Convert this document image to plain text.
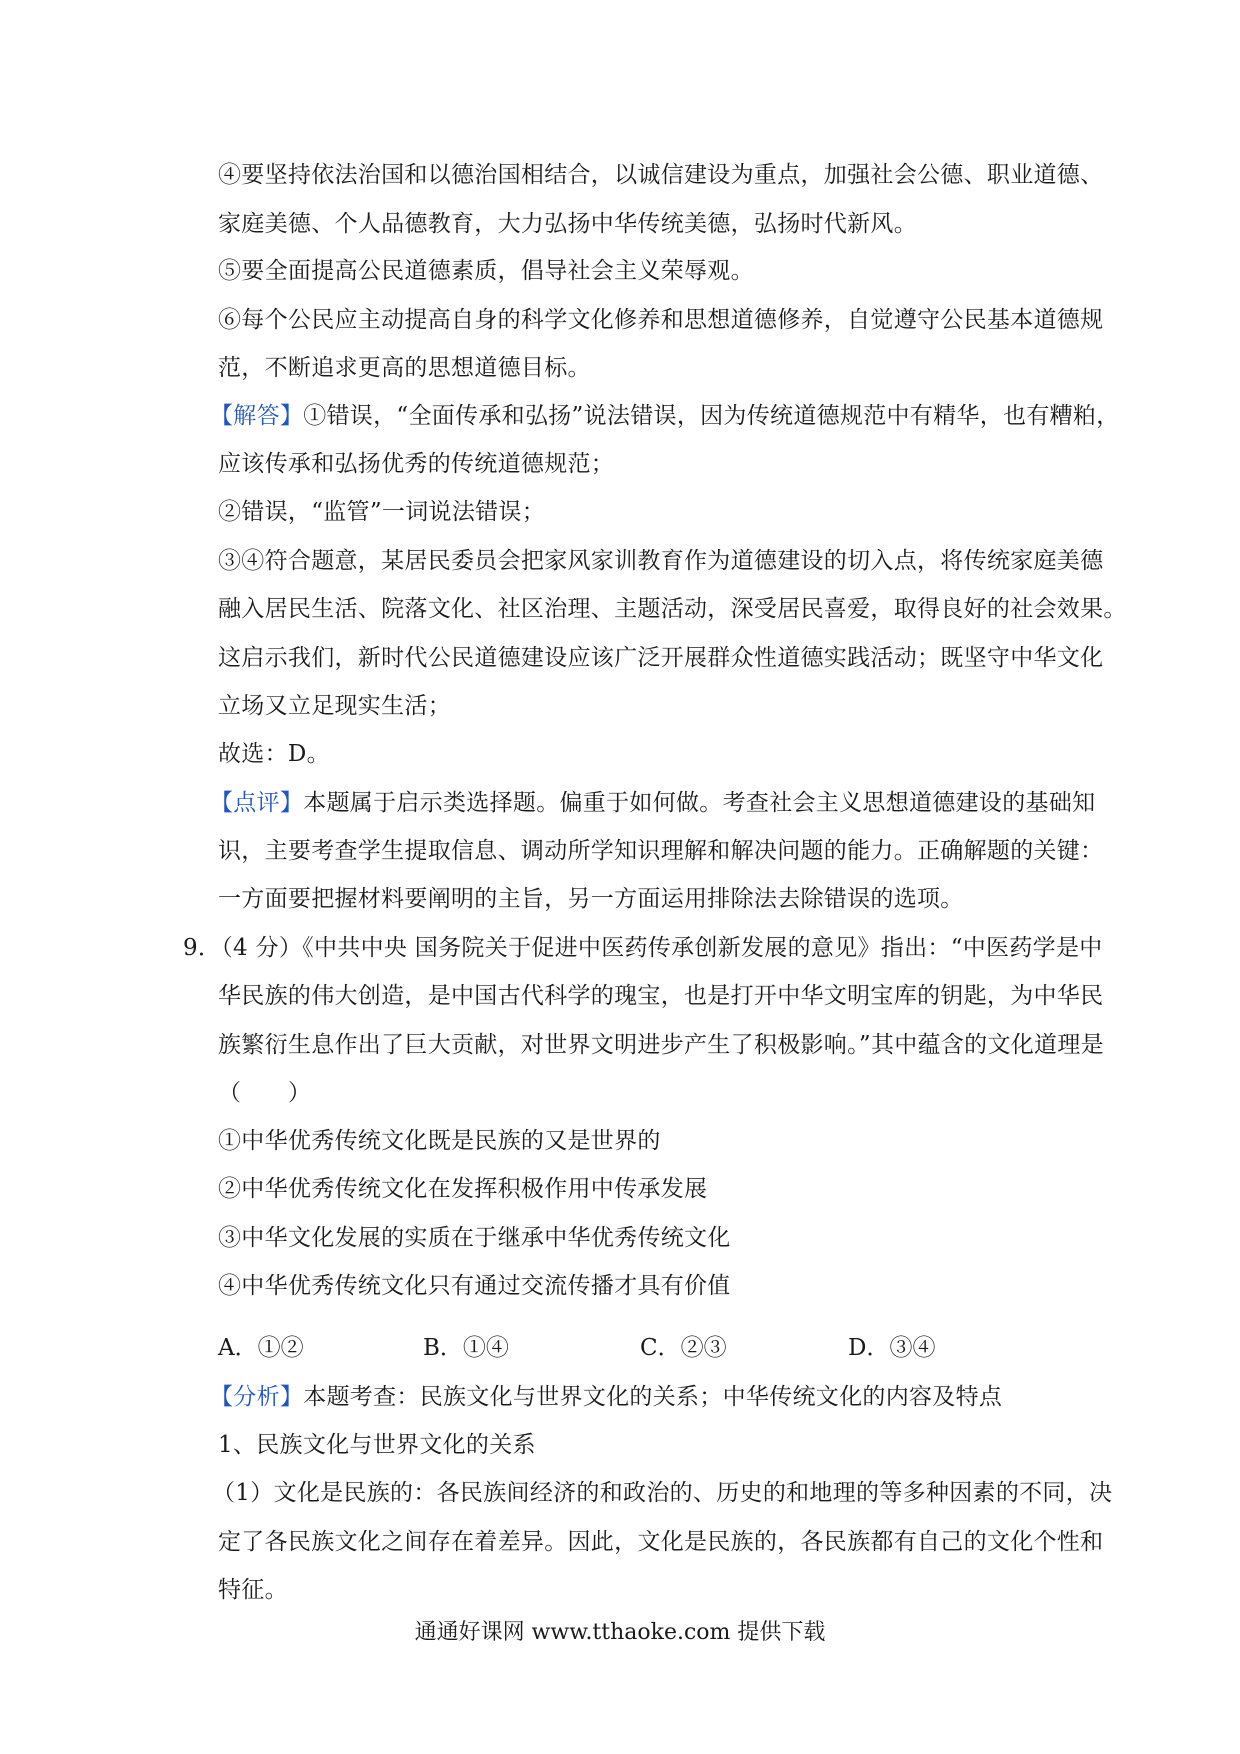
④要坚持依法治国和以德治国相结合，以诚信建设为重点，加强社会公德、职业道德、
家庭美德、个人品德教育，大力弘扬中华传统美德，弘扬时代新风。
⑤要全面提高公民道德素质，倡导社会主义荣辱观。
⑥每个公民应主动提高自身的科学文化修养和思想道德修养，自觉遵守公民基本道德规
范，不断追求更高的思想道德目标。
【解答】①错误，“全面传承和弘扬”说法错误，因为传统道德规范中有精华，也有糟粕，
应该传承和弘扬优秀的传统道德规范；
②错误，“监管”一词说法错误；
③④符合题意，某居民委员会把家风家训教育作为道德建设的切入点，将传统家庭美德
融入居民生活、院落文化、社区治理、主题活动，深受居民喜爱，取得良好的社会效果。
这启示我们，新时代公民道德建设应该广泛开展群众性道德实践活动；既坚守中华文化
立场又立足现实生活；
故选：D。
【点评】本题属于启示类选择题。偏重于如何做。考查社会主义思想道德建设的基础知
识，主要考查学生提取信息、调动所学知识理解和解决问题的能力。正确解题的关键：
一方面要把握材料要阐明的主旨，另一方面运用排除法去除错误的选项。
9．（4 分）《中共中央 国务院关于促进中医药传承创新发展的意见》指出：“中医药学是中
华民族的伟大创造，是中国古代科学的瑰宝，也是打开中华文明宝库的钥匙，为中华民
族繁衍生息作出了巨大贡献，对世界文明进步产生了积极影响。”其中蕴含的文化道理是
（　　）
①中华优秀传统文化既是民族的又是世界的
②中华优秀传统文化在发挥积极作用中传承发展
③中华文化发展的实质在于继承中华优秀传统文化
④中华优秀传统文化只有通过交流传播才具有价值
A．①②	B．①④	C．②③	D．③④
【分析】本题考查：民族文化与世界文化的关系；中华传统文化的内容及特点
1、民族文化与世界文化的关系
（1）文化是民族的：各民族间经济的和政治的、历史的和地理的等多种因素的不同，决
定了各民族文化之间存在着差异。因此，文化是民族的，各民族都有自己的文化个性和
特征。
通通好课网 www.tthaoke.com 提供下载
